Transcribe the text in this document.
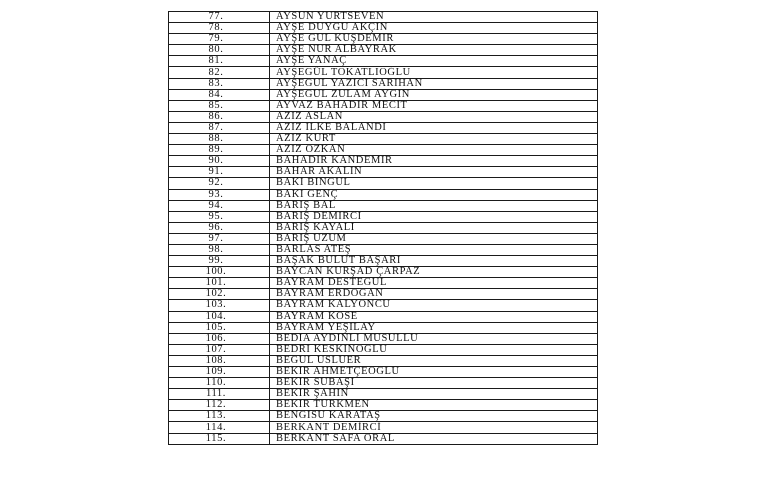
77.	AYSUN YURTSEVEN
78.	AYŞE DUYGU AKÇIN
79.	AYŞE GÜL KUŞDEMİR
80.	AYŞE NUR ALBAYRAK
81.	AYŞE YANAÇ
82.	AYŞEGÜL TOKATLIOĞLU
83.	AYŞEGÜL YAZICI SARIHAN
84.	AYŞEGÜL ZÜLAM AYĞIN
85.	AYVAZ BAHADIR MECİT
86.	AZİZ ASLAN
87.	AZİZ İLKE BALANDI
88.	AZİZ KURT
89.	AZİZ ÖZKAN
90.	BAHADIR KANDEMİR
91.	BAHAR AKALIN
92.	BAKİ BİNGÜL
93.	BAKİ GENÇ
94.	BARIŞ BAL
95.	BARIŞ DEMİRCİ
96.	BARIŞ KAYALI
97.	BARIŞ ÜZÜM
98.	BARLAS ATEŞ
99.	BAŞAK BULUT BAŞARI
100.	BAYCAN KÜRŞAD ÇARPAZ
101.	BAYRAM DESTEGÜL
102.	BAYRAM ERDOĞAN
103.	BAYRAM KALYONCU
104.	BAYRAM KÖSE
105.	BAYRAM YEŞİLAY
106.	BEDİA AYDINLI MUSULLU
107.	BEDRİ KESKİNOĞLU
108.	BEGÜL USLUER
109.	BEKİR AHMETÇEOĞLU
110.	BEKİR SUBAŞI
111.	BEKİR ŞAHİN
112.	BEKİR TÜRKMEN
113.	BENGİSU KARATAŞ
114.	BERKANT DEMİRCİ
115.	BERKANT SAFA ORAL
